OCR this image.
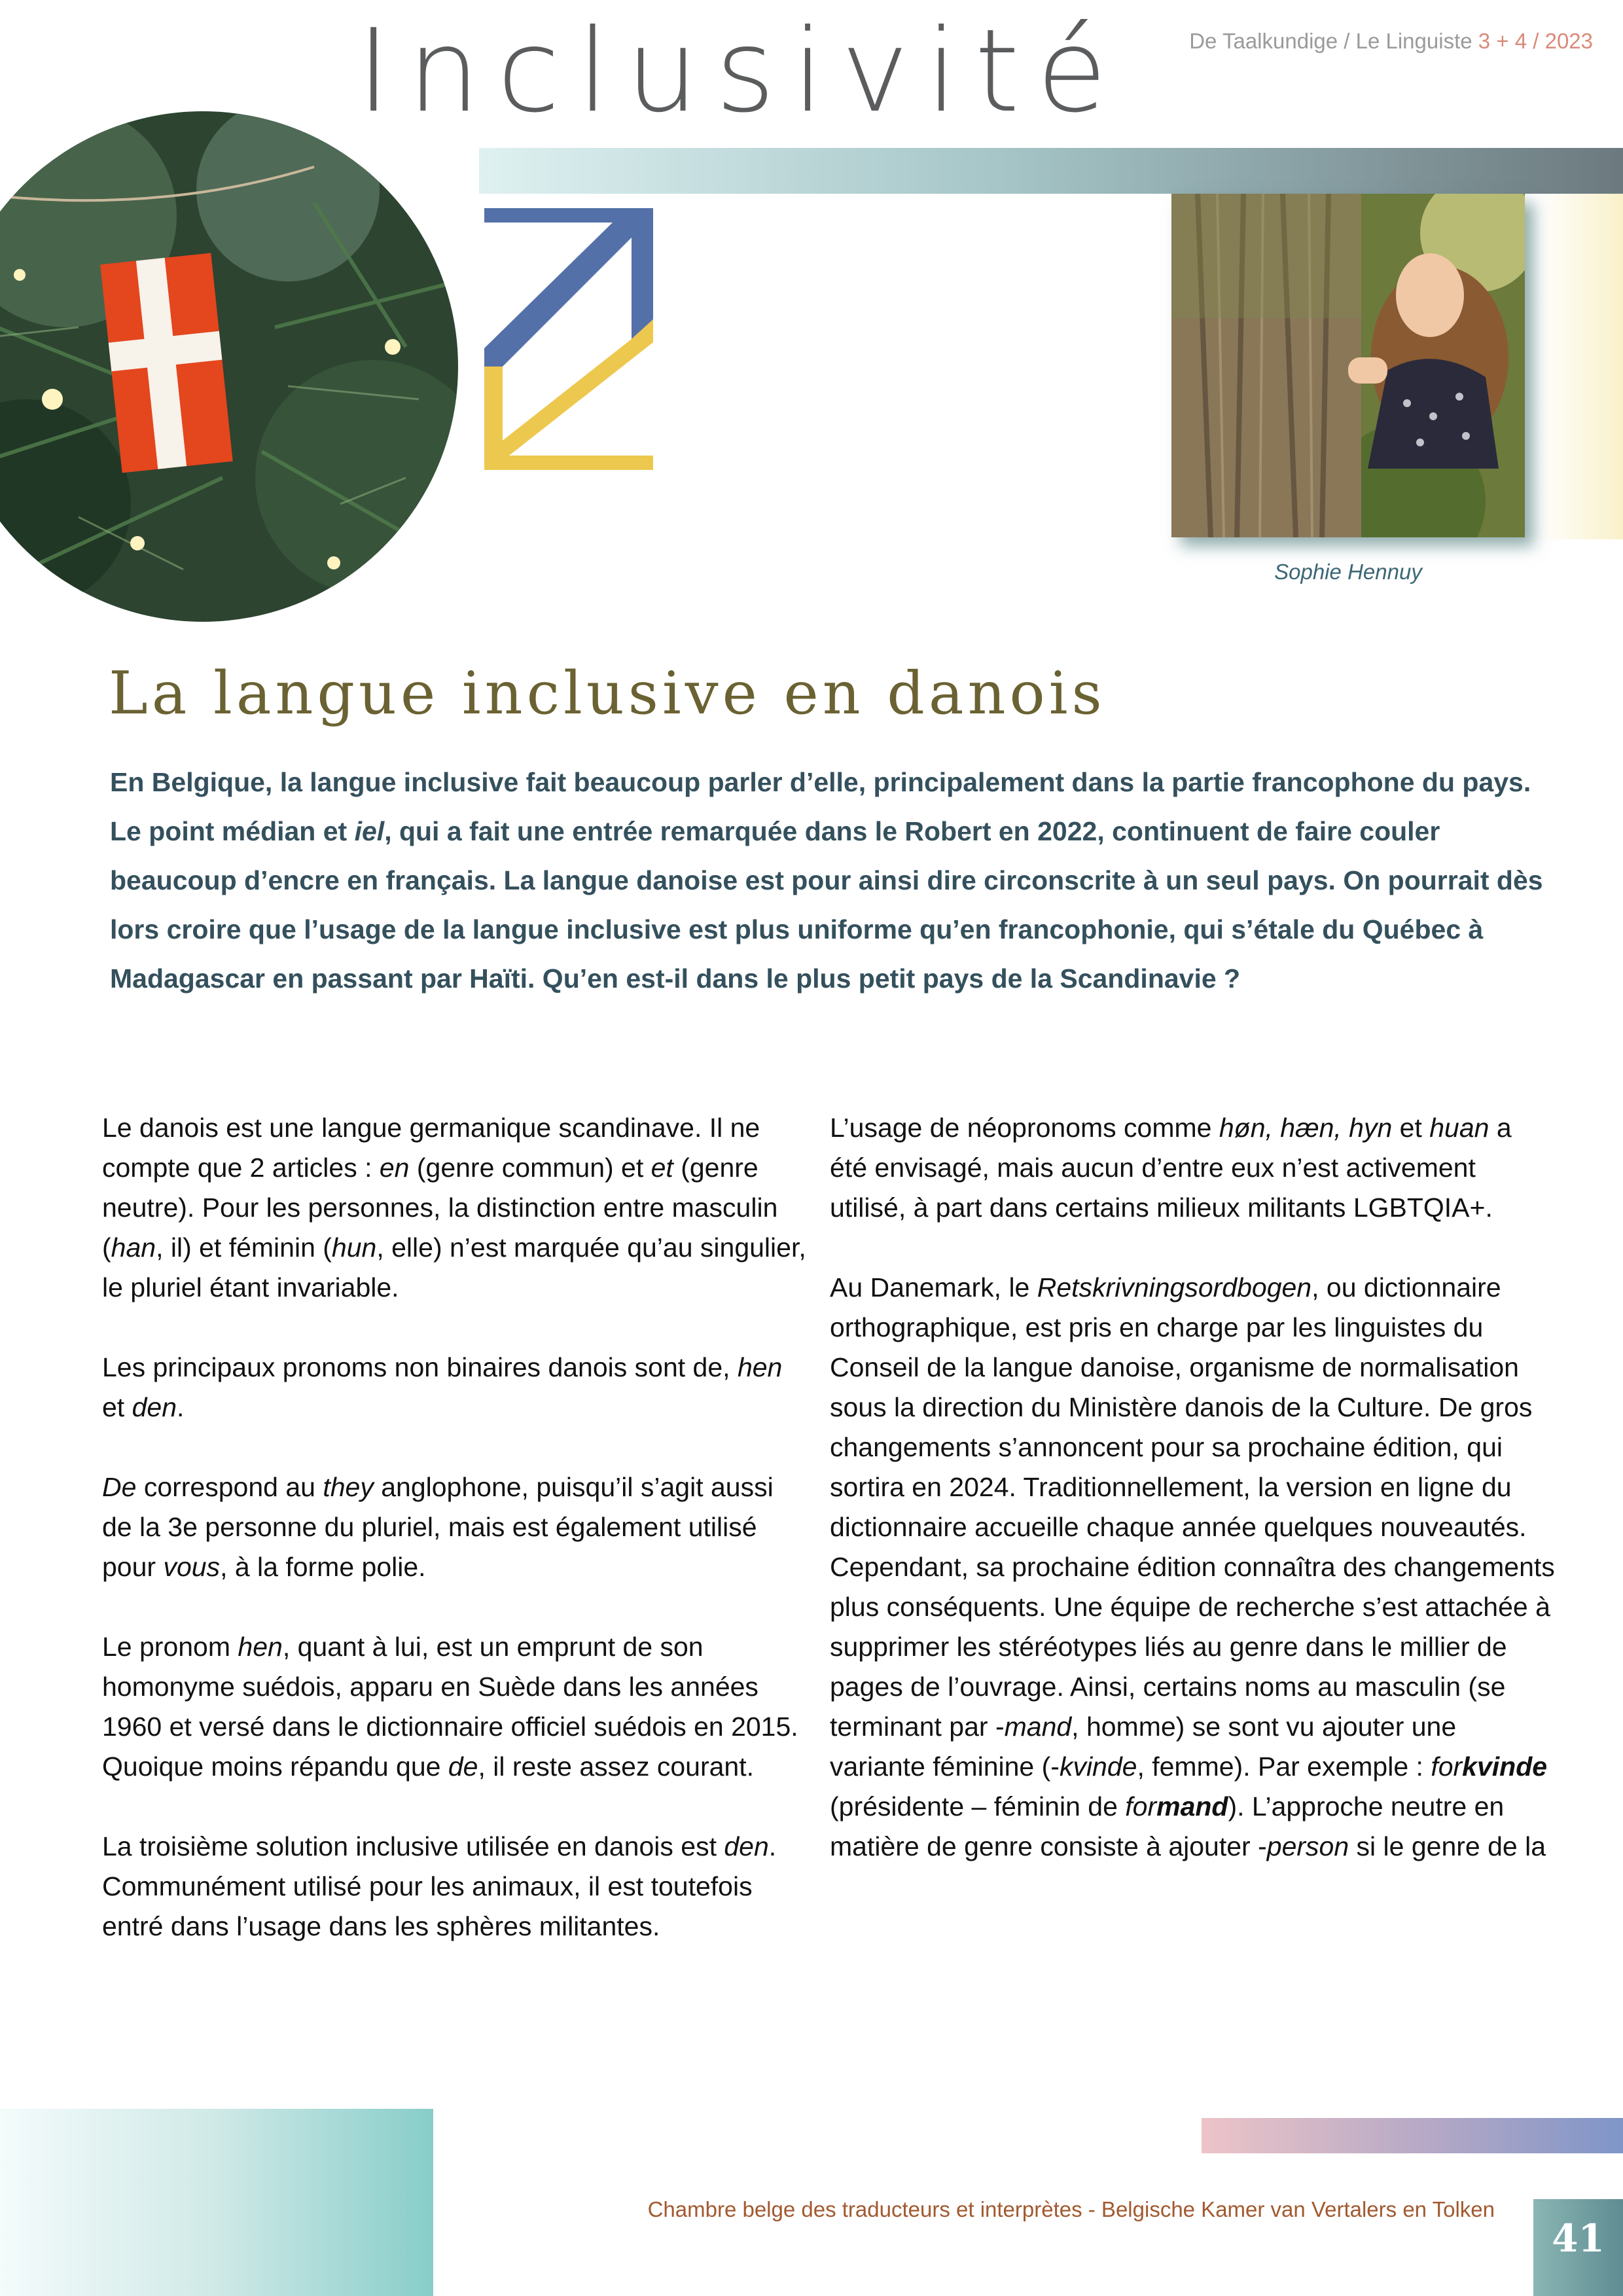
Inclusivité	De Taalkundige / Le Linguiste 3 + 4 / 2023
Sophie Hennuy
La langue inclusive en danois
En Belgique, la langue inclusive fait beaucoup parler d’elle, principalement dans la partie francophone du pays. Le point médian et iel, qui a fait une entrée remarquée dans le Robert en 2022, continuent de faire couler beaucoup d’encre en français. La langue danoise est pour ainsi dire circonscrite à un seul pays. On pourrait dès lors croire que l’usage de la langue inclusive est plus uniforme qu’en francophonie, qui s’étale du Québec à Madagascar en passant par Haïti. Qu’en est-il dans le plus petit pays de la Scandinavie ?

Le danois est une langue germanique scandinave. Il ne compte que 2 articles : en (genre commun) et et (genre neutre). Pour les personnes, la distinction entre masculin (han, il) et féminin (hun, elle) n’est marquée qu’au singulier, le pluriel étant invariable.

Les principaux pronoms non binaires danois sont de, hen et den.

De correspond au they anglophone, puisqu’il s’agit aussi de la 3e personne du pluriel, mais est également utilisé pour vous, à la forme polie.

Le pronom hen, quant à lui, est un emprunt de son homonyme suédois, apparu en Suède dans les années 1960 et versé dans le dictionnaire officiel suédois en 2015. Quoique moins répandu que de, il reste assez courant.

La troisième solution inclusive utilisée en danois est den. Communément utilisé pour les animaux, il est toutefois entré dans l’usage dans les sphères militantes.

L’usage de néopronoms comme høn, hæn, hyn et huan a été envisagé, mais aucun d’entre eux n’est activement utilisé, à part dans certains milieux militants LGBTQIA+.

Au Danemark, le Retskrivningsordbogen, ou dictionnaire orthographique, est pris en charge par les linguistes du Conseil de la langue danoise, organisme de normalisation sous la direction du Ministère danois de la Culture. De gros changements s’annoncent pour sa prochaine édition, qui sortira en 2024. Traditionnellement, la version en ligne du dictionnaire accueille chaque année quelques nouveautés. Cependant, sa prochaine édition connaîtra des changements plus conséquents. Une équipe de recherche s’est attachée à supprimer les stéréotypes liés au genre dans le millier de pages de l’ouvrage. Ainsi, certains noms au masculin (se terminant par -mand, homme) se sont vu ajouter une variante féminine (-kvinde, femme). Par exemple : forkvinde (présidente – féminin de formand). L’approche neutre en matière de genre consiste à ajouter -person si le genre de la

Chambre belge des traducteurs et interprètes - Belgische Kamer van Vertalers en Tolken
41
